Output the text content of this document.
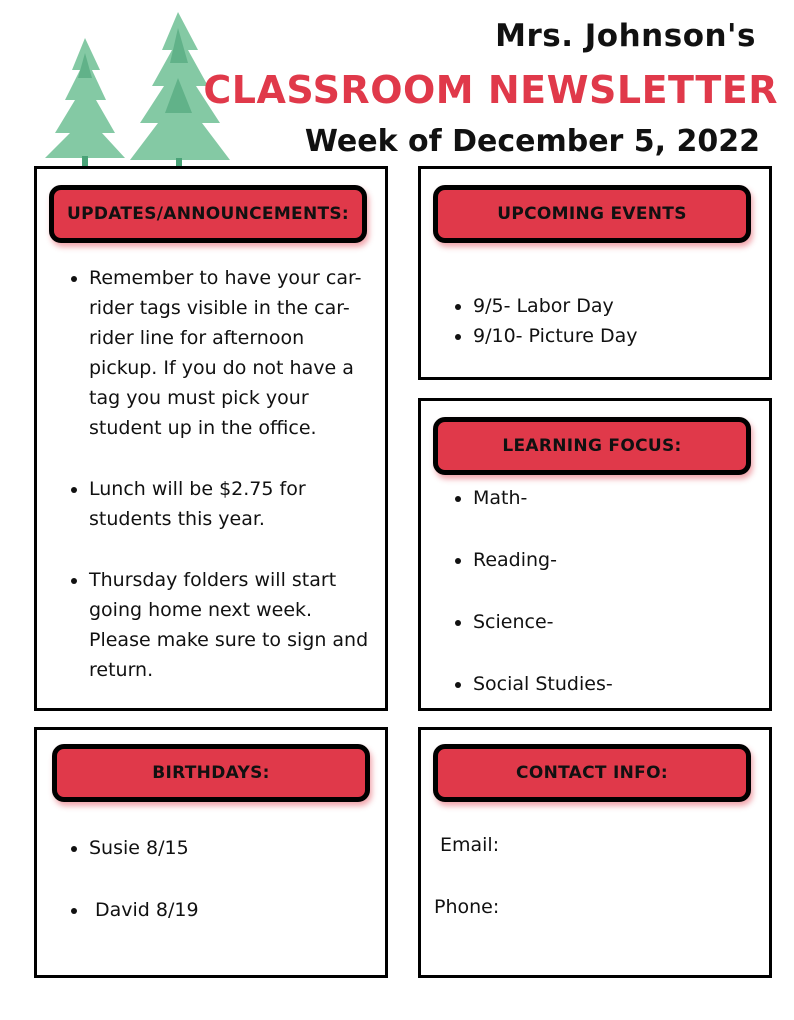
Mrs. Johnson's
CLASSROOM NEWSLETTER
Week of December 5, 2022
UPDATES/ANNOUNCEMENTS:
Remember to have your car-rider tags visible in the car-rider line for afternoon pickup. If you do not have a tag you must pick your student up in the office.
Lunch will be $2.75 for students this year.
Thursday folders will start going home next week. Please make sure to sign and return.
UPCOMING EVENTS
9/5- Labor Day
9/10- Picture Day
LEARNING FOCUS:
Math-
Reading-
Science-
Social Studies-
BIRTHDAYS:
Susie 8/15
David 8/19
CONTACT INFO:
Email:
Phone:
